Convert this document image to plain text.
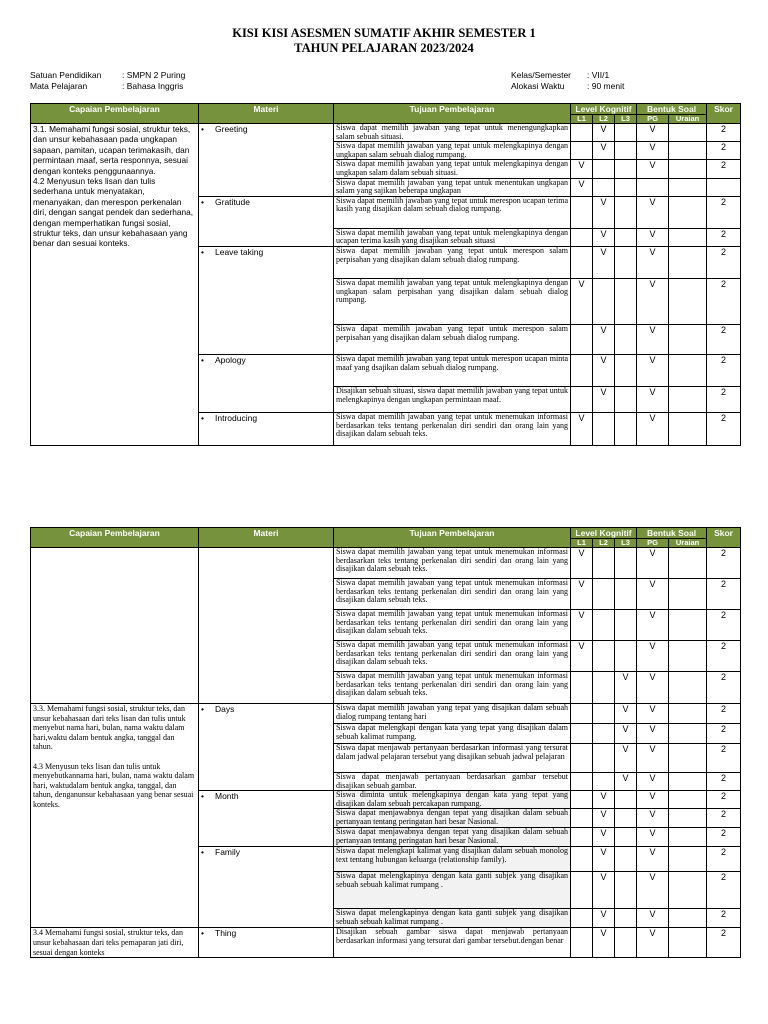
KISI KISI ASESMEN SUMATIF AKHIR SEMESTER 1
TAHUN PELAJARAN 2023/2024
Satuan Pendidikan : SMPN 2 Puring
Mata Pelajaran	: Bahasa Inggris
Kelas/Semester : VII/1
Alokasi Waktu	: 90 menit
Capaian Pembelajaran	Materi	Tujuan Pembelajaran	Level Kognitif			Bentuk Soal		Skor
			L1	L2	L3	PG	Uraian	
3.1. Memahami fungsi sosial, struktur teks, dan unsur kebahasaan pada ungkapan sapaan, pamitan, ucapan terimakasih, dan permintaan maaf, serta responnya, sesuai dengan konteks penggunaannya.
4.2 Menyusun teks lisan dan tulis sederhana untuk menyatakan, menanyakan, dan merespon perkenalan diri, dengan sangat pendek dan sederhana, dengan memperhatikan fungsi sosial, struktur teks, dan unsur kebahasaan yang benar dan sesuai konteks.	• Greeting	Siswa dapat memilih jawaban yang tepat untuk menengungkapkan salam sebuah situasi.		V		V		2
		Siswa dapat memilih jawaban yang tepat untuk melengkapinya dengan ungkapan salam sebuah dialog rumpang.		V		V		2
		Siswa dapat memilih jawaban yang tepat untuk melengkapinya dengan ungkapan salam dalam sebuah situasi.	V			V		2
		Siswa dapat memilih jawaban yang tepat untuk menentukan ungkapan salam yang sajikan beberapa ungkapan	V					
	• Gratitude	Siswa dapat memilih jawaban yang tepat untuk merespon ucapan terima kasih yang disajikan dalam sebuah dialog rumpang.		V		V		2
		Siswa dapat memilih jawaban yang tepat untuk melengkapinya dengan ucapan terima kasih yang disajikan sebuah situasi		V		V		2
	• Leave taking	Siswa dapat memilih jawaban yang tepat untuk merespon salam perpisahan yang disajikan dalam sebuah dialog rumpang.		V		V		2
		Siswa dapat memilih jawaban yang tepat untuk melengkapinya dengan ungkapan salam perpisahan yang disajikan dalam sebuah dialog rumpang.	V			V		2
		Siswa dapat memilih jawaban yang tepat untuk merespon salam perpisahan yang disajikan dalam sebuah dialog rumpang.		V		V		2
	• Apology	Siswa dapat memilih jawaban yang tepat untuk merespon ucapan minta maaf yang dsajikan dalam sebuah dialog rumpang.		V		V		2
		Disajikan sebuah situasi, siswa dapat memilih jawaban yang tepat untuk melengkapinya dengan ungkapan permintaan maaf.		V		V		2
	• Introducing	Siswa dapat memilih jawaban yang tepat untuk menemukan informasi berdasarkan teks tentang perkenalan diri sendiri dan orang lain yang disajikan dalam sebuah teks.	V			V		2
Capaian Pembelajaran	Materi	Tujuan Pembelajaran	Level Kognitif			Bentuk Soal		Skor
			L1	L2	L3	PG	Uraian	
		Siswa dapat memilih jawaban yang tepat untuk menemukan informasi berdasarkan teks tentang perkenalan diri sendiri dan orang lain yang disajikan dalam sebuah teks.	V			V		2
		Siswa dapat memilih jawaban yang tepat untuk menemukan informasi berdasarkan teks tentang perkenalan diri sendiri dan orang lain yang disajikan dalam sebuah teks.	V			V		2
		Siswa dapat memilih jawaban yang tepat untuk menemukan informasi berdasarkan teks tentang perkenalan diri sendiri dan orang lain yang disajikan dalam sebuah teks.	V			V		2
		Siswa dapat memilih jawaban yang tepat untuk menemukan informasi berdasarkan teks tentang perkenalan diri sendiri dan orang lain yang disajikan dalam sebuah teks.	V			V		2
		Siswa dapat memilih jawaban yang tepat untuk menemukan informasi berdasarkan teks tentang perkenalan diri sendiri dan orang lain yang disajikan dalam sebuah teks.			V	V		2
3.3. Memahami fungsi sosial, struktur teks, dan unsur kebahasaan dari teks lisan dan tulis untuk menyebut nama hari, bulan, nama waktu dalam hari,waktu dalam bentuk angka, tanggal dan tahun.

4.3 Menyusun teks lisan dan tulis untuk menyebutkannama hari, bulan, nama waktu dalam hari, waktudalam bentuk angka, tanggal, dan tahun, denganunsur kebahasaan yang benar sesuai konteks.	• Days	Siswa dapat memilih jawaban yang tepat yang disajikan dalam sebuah dialog rumpang tentang hari			V	V		2
		Siswa dapat melengkapi dengan kata yang tepat yang disajikan dalam sebuah kalimat rumpang.			V	V		2
		Siswa dapat menjawab pertanyaan berdasarkan informasi yang tersurat dalam jadwal pelajaran tersebut yang disajikan sebuah jadwal pelajaran			V	V		2
		Siswa dapat menjawab pertanyaan berdasarkan gambar tersebut disajikan sebuah gambar.			V	V		2
	• Month	Siswa diminta untuk melengkapinya dengan kata yang tepat yang disajikan dalam sebuah percakapan rumpang.		V		V		2
		Siswa dapat menjawabnya dengan tepat yang disajikan dalam sebuah pertanyaan tentang peringatan hari besar Nasional.		V		V		2
		Siswa dapat menjawabnya dengan tepat yang disajikan dalam sebuah pertanyaan tentang peringatan hari besar Nasional.		V		V		2
	• Family	Siswa dapat melengkapi kalimat yang disajikan dalam sebuah monolog text tentang hubungan keluarga (relationship family).		V		V		2
		Siswa dapat melengkapinya dengan kata ganti subjek yang disajikan sebuah sebuah kalimat rumpang .		V		V		2
		Siswa dapat melengkapinya dengan kata ganti subjek yang disajikan sebuah sebuah kalimat rumpang .		V		V		2
3.4 Memahami fungsi sosial, struktur teks, dan unsur kebahasaan dari teks pemaparan jati diri, sesuai dengan konteks	• Thing	Disajikan sebuah gambar siswa dapat menjawab pertanyaan berdasarkan informasi yang tersurat dari gambar tersebut.dengan benar		V		V		2
